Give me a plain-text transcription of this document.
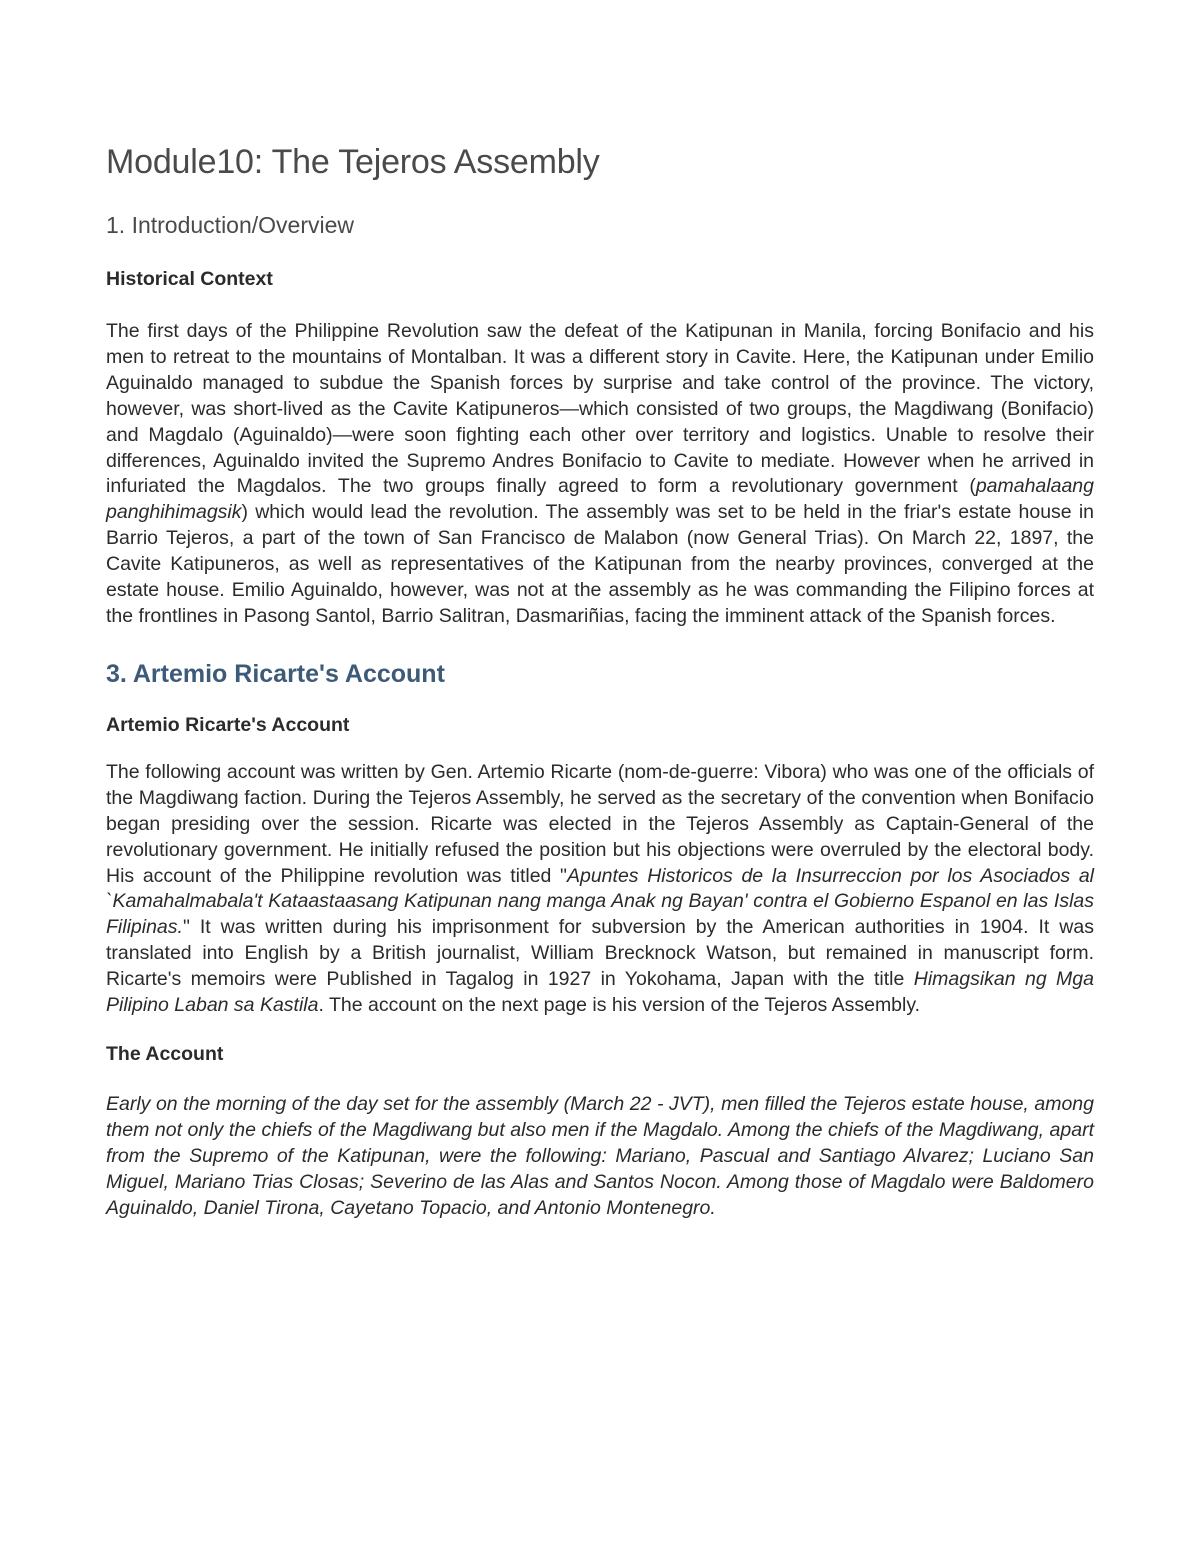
Module10: The Tejeros Assembly
1. Introduction/Overview
Historical Context

The first days of the Philippine Revolution saw the defeat of the Katipunan in Manila, forcing Bonifacio and his men to retreat to the mountains of Montalban. It was a different story in Cavite. Here, the Katipunan under Emilio Aguinaldo managed to subdue the Spanish forces by surprise and take control of the province. The victory, however, was short-lived as the Cavite Katipuneros—which consisted of two groups, the Magdiwang (Bonifacio) and Magdalo (Aguinaldo)—were soon fighting each other over territory and logistics. Unable to resolve their differences, Aguinaldo invited the Supremo Andres Bonifacio to Cavite to mediate. However when he arrived in infuriated the Magdalos. The two groups finally agreed to form a revolutionary government (pamahalaang panghihimagsik) which would lead the revolution. The assembly was set to be held in the friar's estate house in Barrio Tejeros, a part of the town of San Francisco de Malabon (now General Trias). On March 22, 1897, the Cavite Katipuneros, as well as representatives of the Katipunan from the nearby provinces, converged at the estate house. Emilio Aguinaldo, however, was not at the assembly as he was commanding the Filipino forces at the frontlines in Pasong Santol, Barrio Salitran, Dasmariñias, facing the imminent attack of the Spanish forces.

3. Artemio Ricarte's Account
Artemio Ricarte's Account

The following account was written by Gen. Artemio Ricarte (nom-de-guerre: Vibora) who was one of the officials of the Magdiwang faction. During the Tejeros Assembly, he served as the secretary of the convention when Bonifacio began presiding over the session. Ricarte was elected in the Tejeros Assembly as Captain-General of the revolutionary government. He initially refused the position but his objections were overruled by the electoral body. His account of the Philippine revolution was titled "Apuntes Historicos de la Insurreccion por los Asociados al `Kamahalmabala't Kataastaasang Katipunan nang manga Anak ng Bayan' contra el Gobierno Espanol en las Islas Filipinas." It was written during his imprisonment for subversion by the American authorities in 1904. It was translated into English by a British journalist, William Brecknock Watson, but remained in manuscript form. Ricarte's memoirs were Published in Tagalog in 1927 in Yokohama, Japan with the title Himagsikan ng Mga Pilipino Laban sa Kastila. The account on the next page is his version of the Tejeros Assembly.

The Account

Early on the morning of the day set for the assembly (March 22 - JVT), men filled the Tejeros estate house, among them not only the chiefs of the Magdiwang but also men if the Magdalo. Among the chiefs of the Magdiwang, apart from the Supremo of the Katipunan, were the following: Mariano, Pascual and Santiago Alvarez; Luciano San Miguel, Mariano Trias Closas; Severino de las Alas and Santos Nocon. Among those of Magdalo were Baldomero Aguinaldo, Daniel Tirona, Cayetano Topacio, and Antonio Montenegro.
